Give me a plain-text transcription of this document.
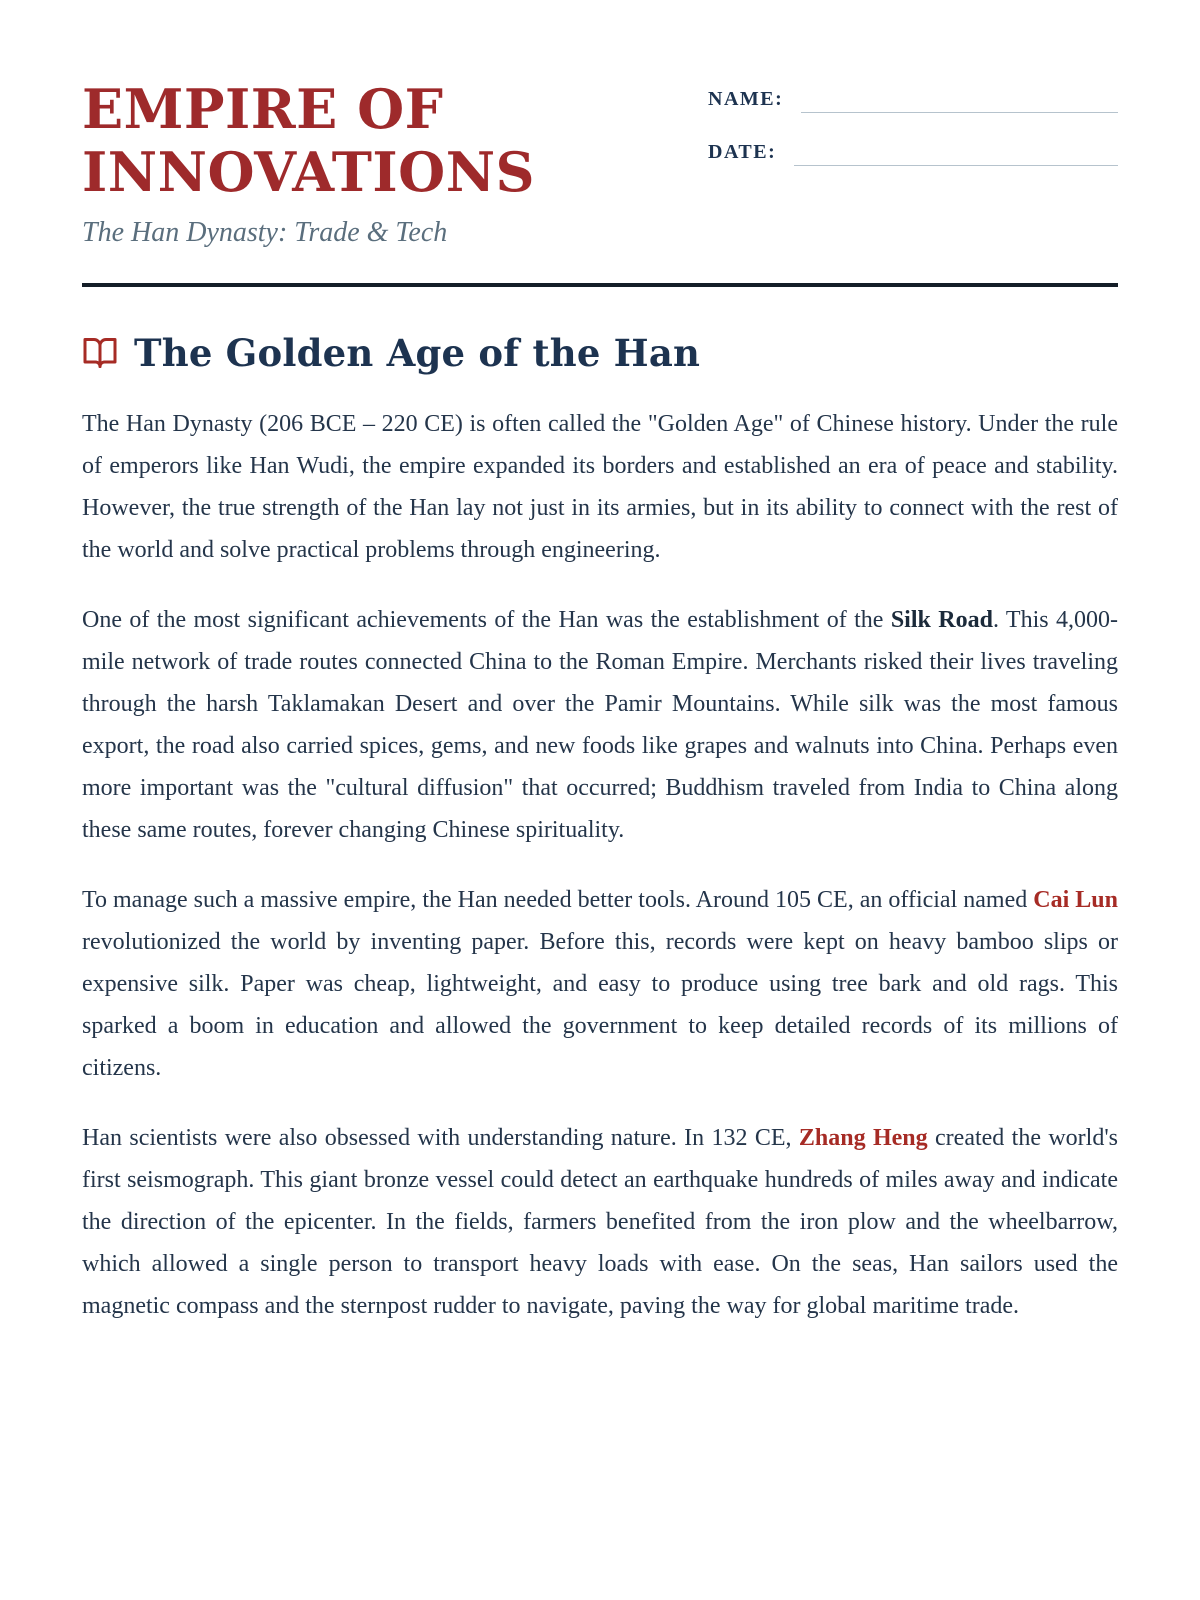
EMPIRE OF
INNOVATIONS
The Han Dynasty: Trade & Tech
NAME:
DATE:
The Golden Age of the Han

The Han Dynasty (206 BCE – 220 CE) is often called the "Golden Age" of Chinese history. Under the rule of emperors like Han Wudi, the empire expanded its borders and established an era of peace and stability. However, the true strength of the Han lay not just in its armies, but in its ability to connect with the rest of the world and solve practical problems through engineering.

One of the most significant achievements of the Han was the establishment of the Silk Road. This 4,000-mile network of trade routes connected China to the Roman Empire. Merchants risked their lives traveling through the harsh Taklamakan Desert and over the Pamir Mountains. While silk was the most famous export, the road also carried spices, gems, and new foods like grapes and walnuts into China. Perhaps even more important was the "cultural diffusion" that occurred; Buddhism traveled from India to China along these same routes, forever changing Chinese spirituality.

To manage such a massive empire, the Han needed better tools. Around 105 CE, an official named Cai Lun revolutionized the world by inventing paper. Before this, records were kept on heavy bamboo slips or expensive silk. Paper was cheap, lightweight, and easy to produce using tree bark and old rags. This sparked a boom in education and allowed the government to keep detailed records of its millions of citizens.

Han scientists were also obsessed with understanding nature. In 132 CE, Zhang Heng created the world's first seismograph. This giant bronze vessel could detect an earthquake hundreds of miles away and indicate the direction of the epicenter. In the fields, farmers benefited from the iron plow and the wheelbarrow, which allowed a single person to transport heavy loads with ease. On the seas, Han sailors used the magnetic compass and the sternpost rudder to navigate, paving the way for global maritime trade.
